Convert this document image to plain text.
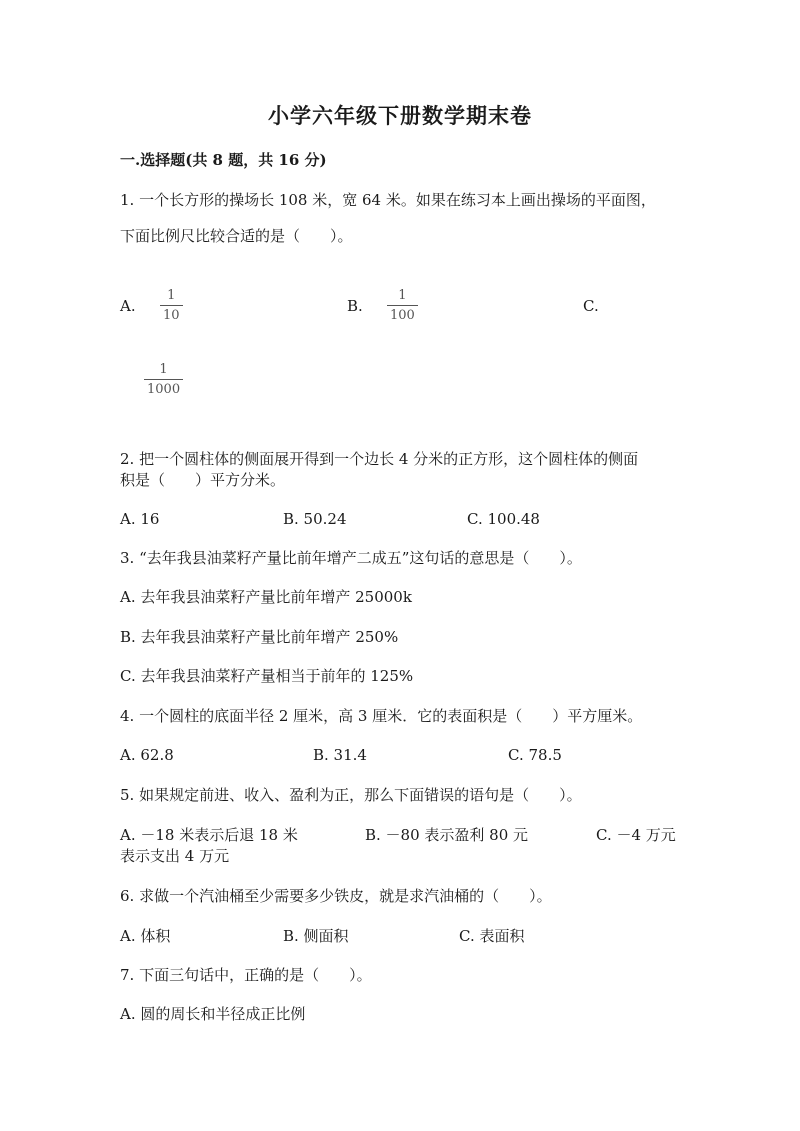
小学六年级下册数学期末卷
一.选择题(共 8 题，共 16 分)
1. 一个长方形的操场长 108 米，宽 64 米。如果在练习本上画出操场的平面图，
下面比例尺比较合适的是（　　）。
A.
1
10
B.
1
100
C.
1
1000
2. 把一个圆柱体的侧面展开得到一个边长 4 分米的正方形，这个圆柱体的侧面
积是（　　）平方分米。
A. 16	B. 50.24	C. 100.48
3. “去年我县油菜籽产量比前年增产二成五”这句话的意思是（　　）。
A. 去年我县油菜籽产量比前年增产 25000k
B. 去年我县油菜籽产量比前年增产 250%
C. 去年我县油菜籽产量相当于前年的 125%
4. 一个圆柱的底面半径 2 厘米，高 3 厘米．它的表面积是（　　）平方厘米。
A. 62.8	B. 31.4	C. 78.5
5. 如果规定前进、收入、盈利为正，那么下面错误的语句是（　　）。
A. －18 米表示后退 18 米	B. －80 表示盈利 80 元	C. －4 万元
表示支出 4 万元
6. 求做一个汽油桶至少需要多少铁皮，就是求汽油桶的（　　）。
A. 体积	B. 侧面积	C. 表面积
7. 下面三句话中，正确的是（　　）。
A. 圆的周长和半径成正比例
